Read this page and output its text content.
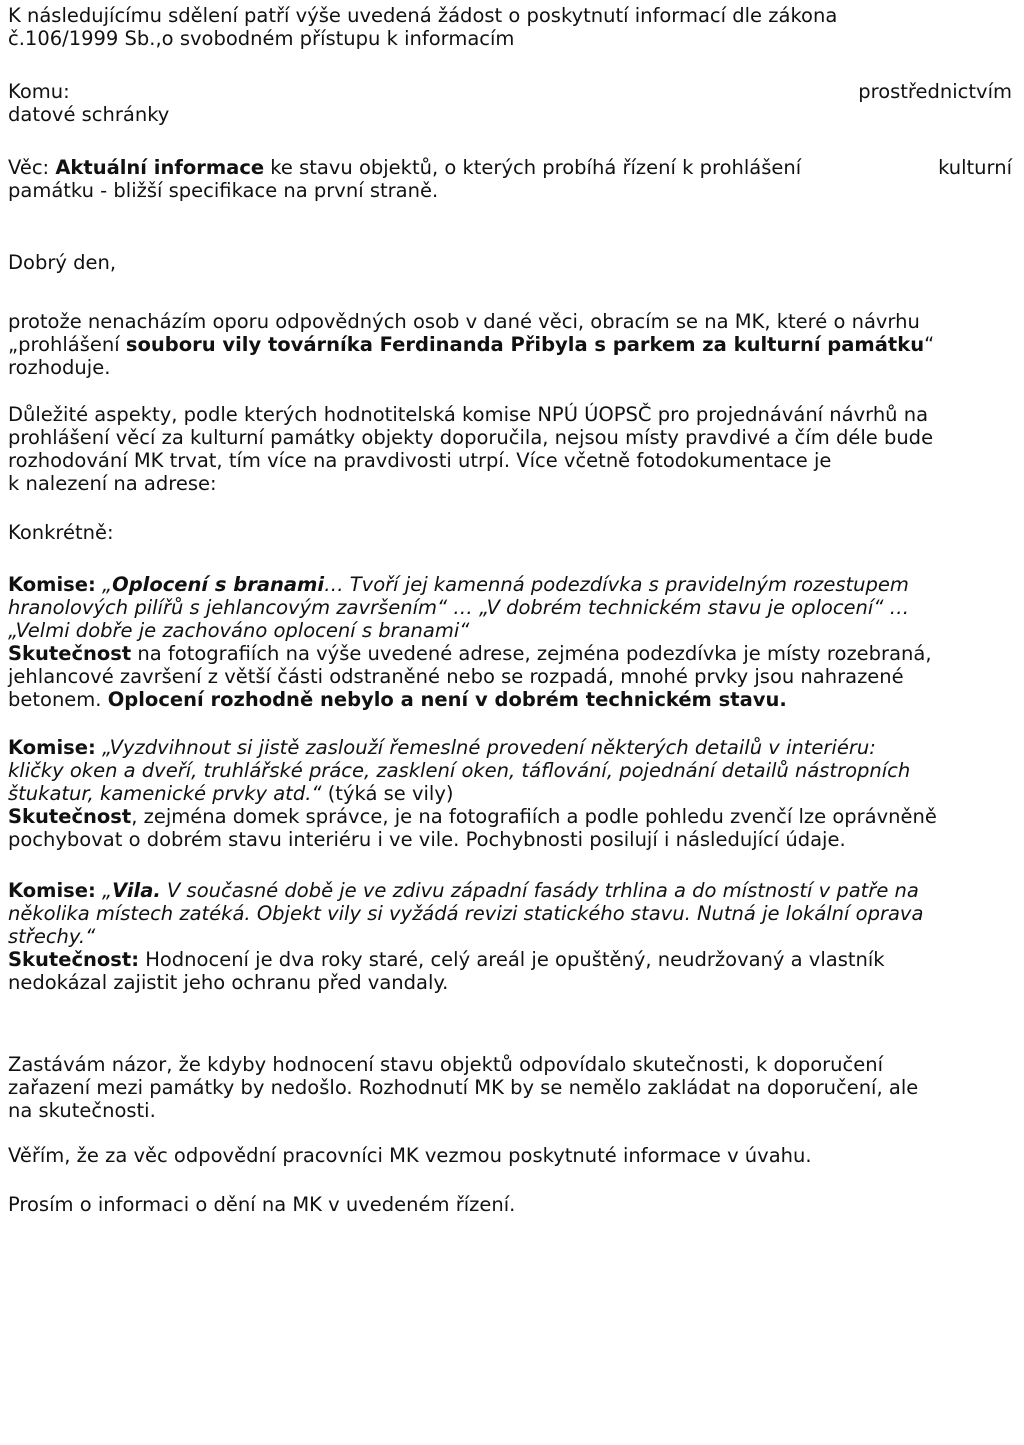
K následujícímu sdělení patří výše uvedená žádost o poskytnutí informací dle zákona

č.106/1999 Sb.,o svobodném přístupu k informacím

Komu:	prostřednictvím

datové schránky

Věc: Aktuální informace ke stavu objektů, o kterých probíhá řízení k prohlášení	kulturní

památku - bližší specifikace na první straně.

Dobrý den,

protože nenacházím oporu odpovědných osob v dané věci, obracím se na MK, které o návrhu

„prohlášení souboru vily továrníka Ferdinanda Přibyla s parkem za kulturní památku“

rozhoduje.

Důležité aspekty, podle kterých hodnotitelská komise NPÚ ÚOPSČ pro projednávání návrhů na

prohlášení věcí za kulturní památky objekty doporučila, nejsou místy pravdivé a čím déle bude

rozhodování MK trvat, tím více na pravdivosti utrpí. Více včetně fotodokumentace je

k nalezení na adrese:

Konkrétně:

Komise: „Oplocení s branami… Tvoří jej kamenná podezdívka s pravidelným rozestupem

hranolových pilířů s jehlancovým završením“ … „V dobrém technickém stavu je oplocení“ …

„Velmi dobře je zachováno oplocení s branami“

Skutečnost na fotografiích na výše uvedené adrese, zejména podezdívka je místy rozebraná,

jehlancové završení z větší části odstraněné nebo se rozpadá, mnohé prvky jsou nahrazené

betonem. Oplocení rozhodně nebylo a není v dobrém technickém stavu.

Komise: „Vyzdvihnout si jistě zaslouží řemeslné provedení některých detailů v interiéru:

kličky oken a dveří, truhlářské práce, zasklení oken, táflování, pojednání detailů nástropních

štukatur, kamenické prvky atd.“ (týká se vily)

Skutečnost, zejména domek správce, je na fotografiích a podle pohledu zvenčí lze oprávněně

pochybovat o dobrém stavu interiéru i ve vile. Pochybnosti posilují i následující údaje.

Komise: „Vila. V současné době je ve zdivu západní fasády trhlina a do místností v patře na

několika místech zatéká. Objekt vily si vyžádá revizi statického stavu. Nutná je lokální oprava

střechy.“

Skutečnost: Hodnocení je dva roky staré, celý areál je opuštěný, neudržovaný a vlastník

nedokázal zajistit jeho ochranu před vandaly.

Zastávám názor, že kdyby hodnocení stavu objektů odpovídalo skutečnosti, k doporučení

zařazení mezi památky by nedošlo. Rozhodnutí MK by se nemělo zakládat na doporučení, ale

na skutečnosti.

Věřím, že za věc odpovědní pracovníci MK vezmou poskytnuté informace v úvahu.

Prosím o informaci o dění na MK v uvedeném řízení.
